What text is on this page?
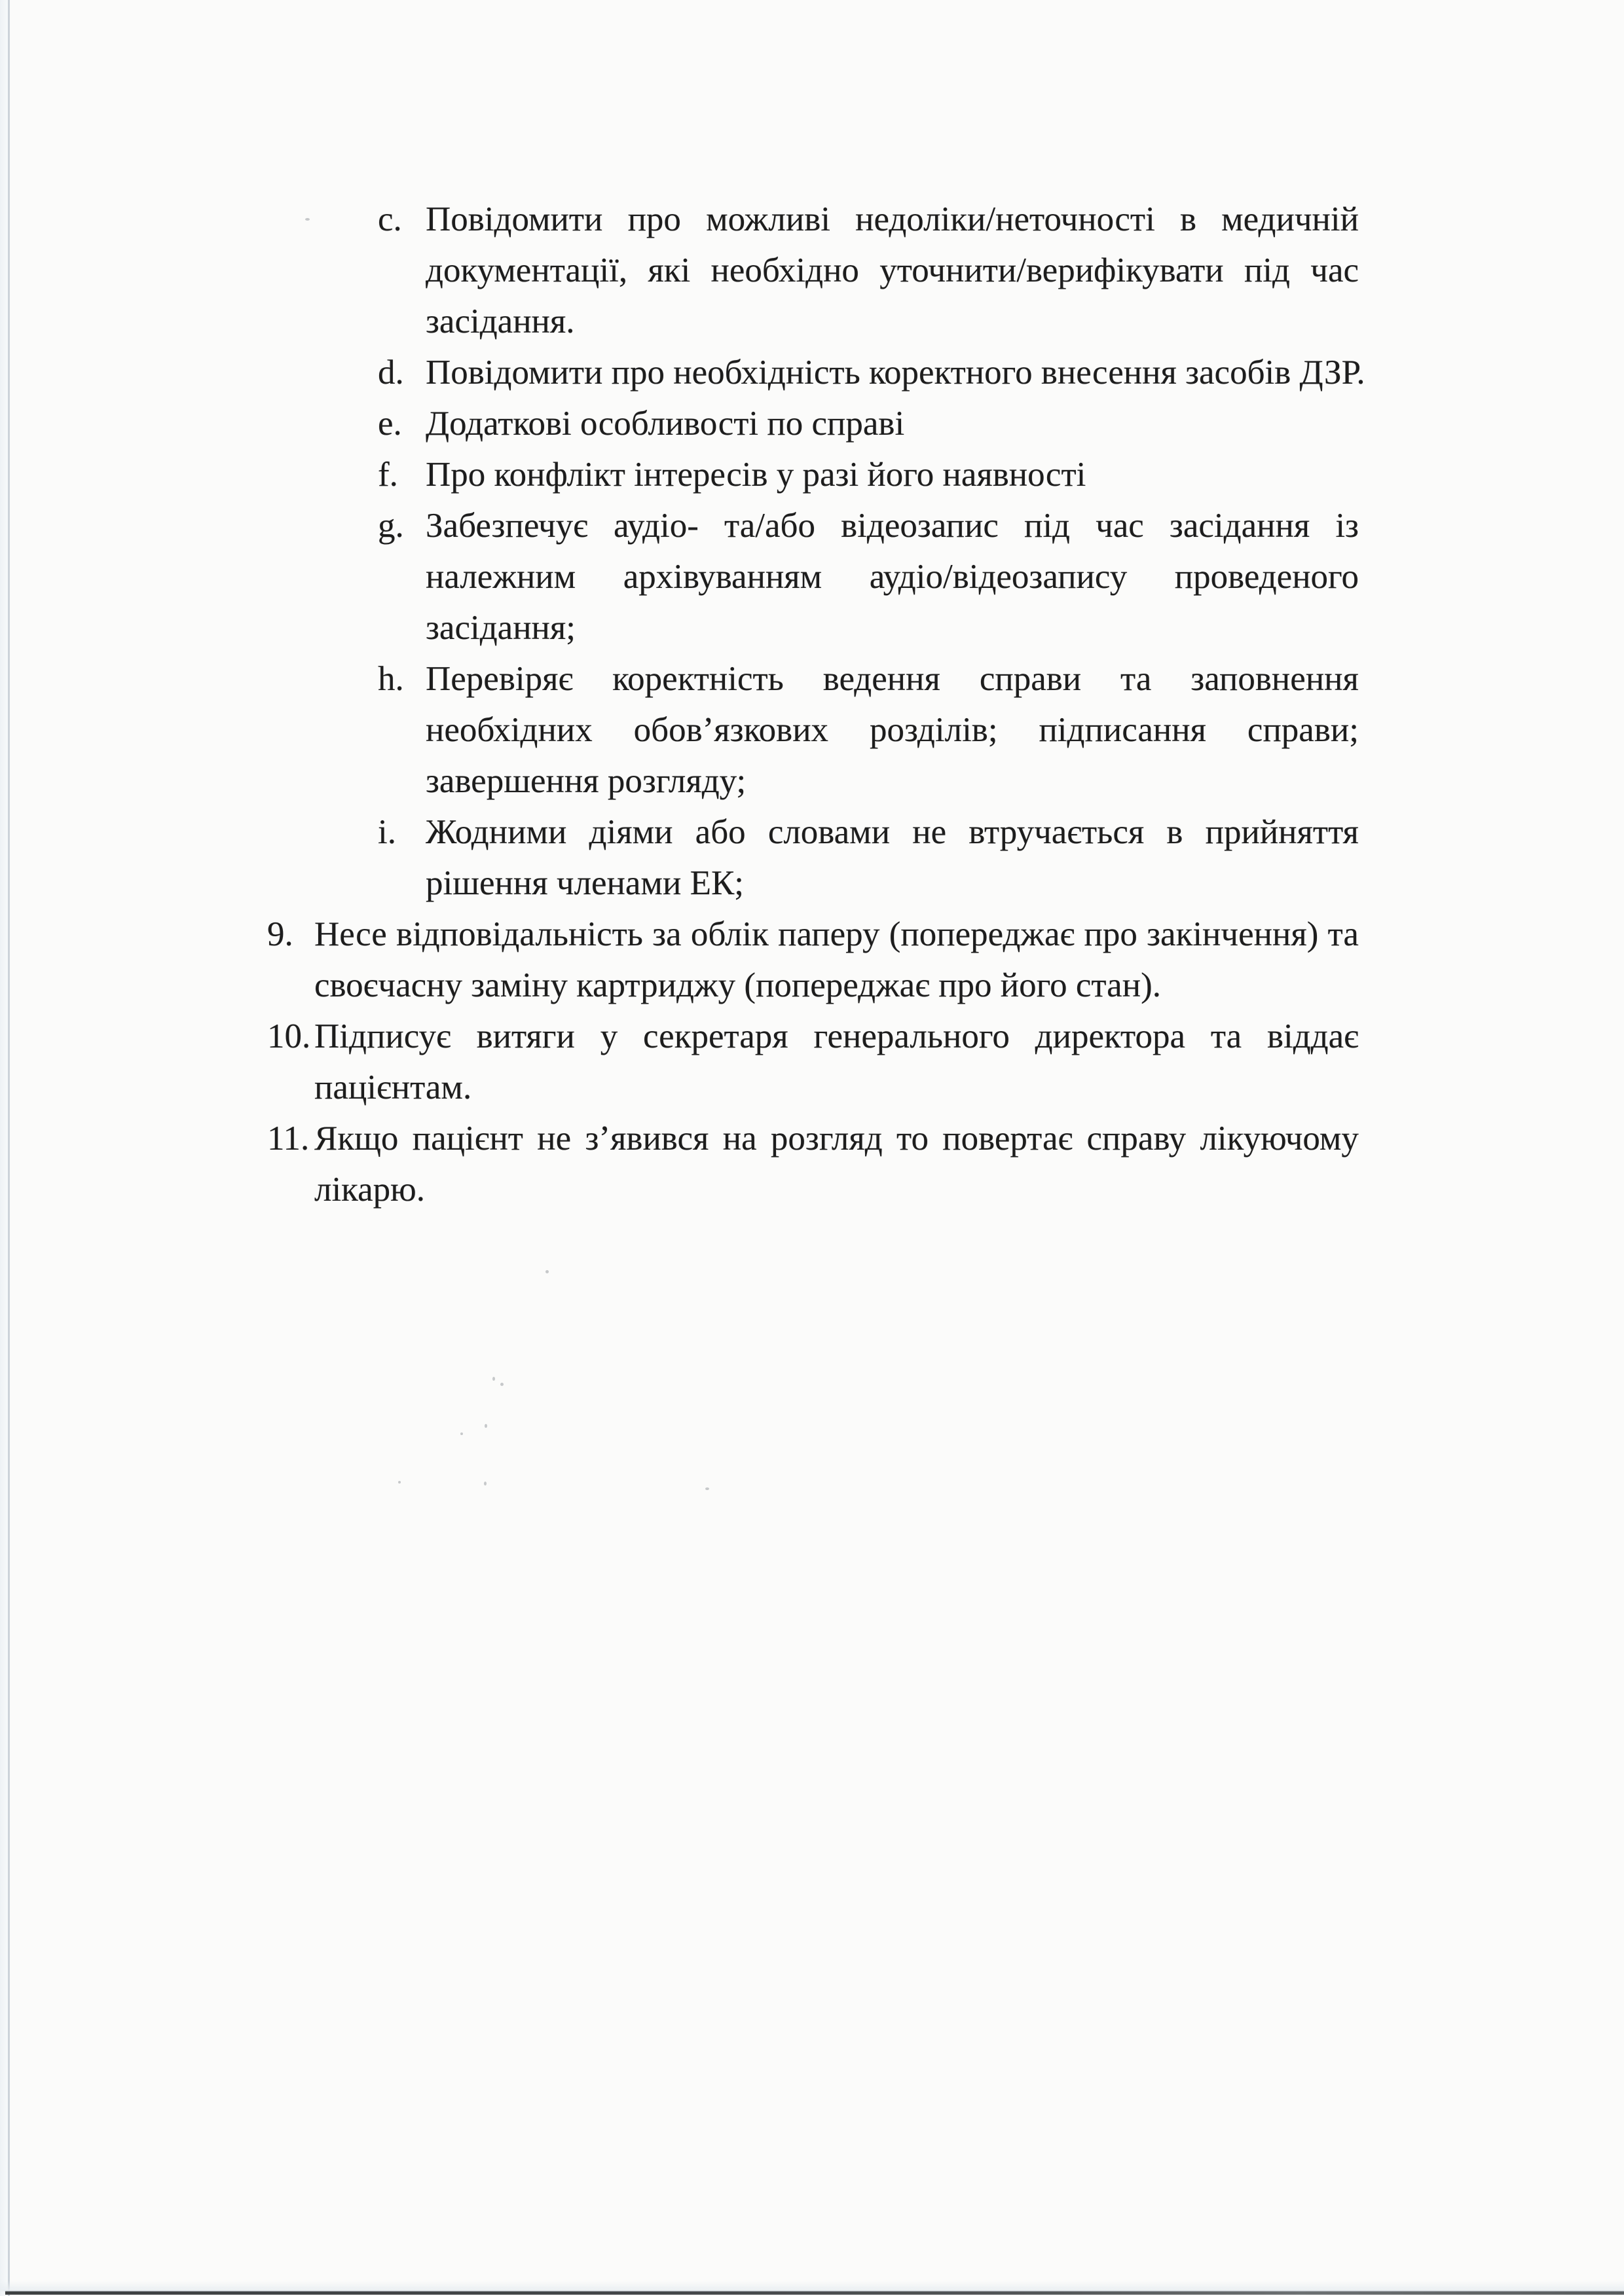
c. Повідомити про можливі недоліки/неточності в медичній
документації, які необхідно уточнити/верифікувати під час
засідання.
d. Повідомити про необхідність коректного внесення засобів ДЗР.
e. Додаткові особливості по справі
f. Про конфлікт інтересів у разі його наявності
g. Забезпечує аудіо- та/або відеозапис під час засідання із
належним архівуванням аудіо/відеозапису проведеного
засідання;
h. Перевіряє коректність ведення справи та заповнення
необхідних обов’язкових розділів; підписання справи;
завершення розгляду;
i. Жодними діями або словами не втручається в прийняття
рішення членами ЕК;
9. Несе відповідальність за облік паперу (попереджає про закінчення) та
своєчасну заміну картриджу (попереджає про його стан).
10. Підписує витяги у секретаря генерального директора та віддає
пацієнтам.
11. Якщо пацієнт не з’явився на розгляд то повертає справу лікуючому
лікарю.
